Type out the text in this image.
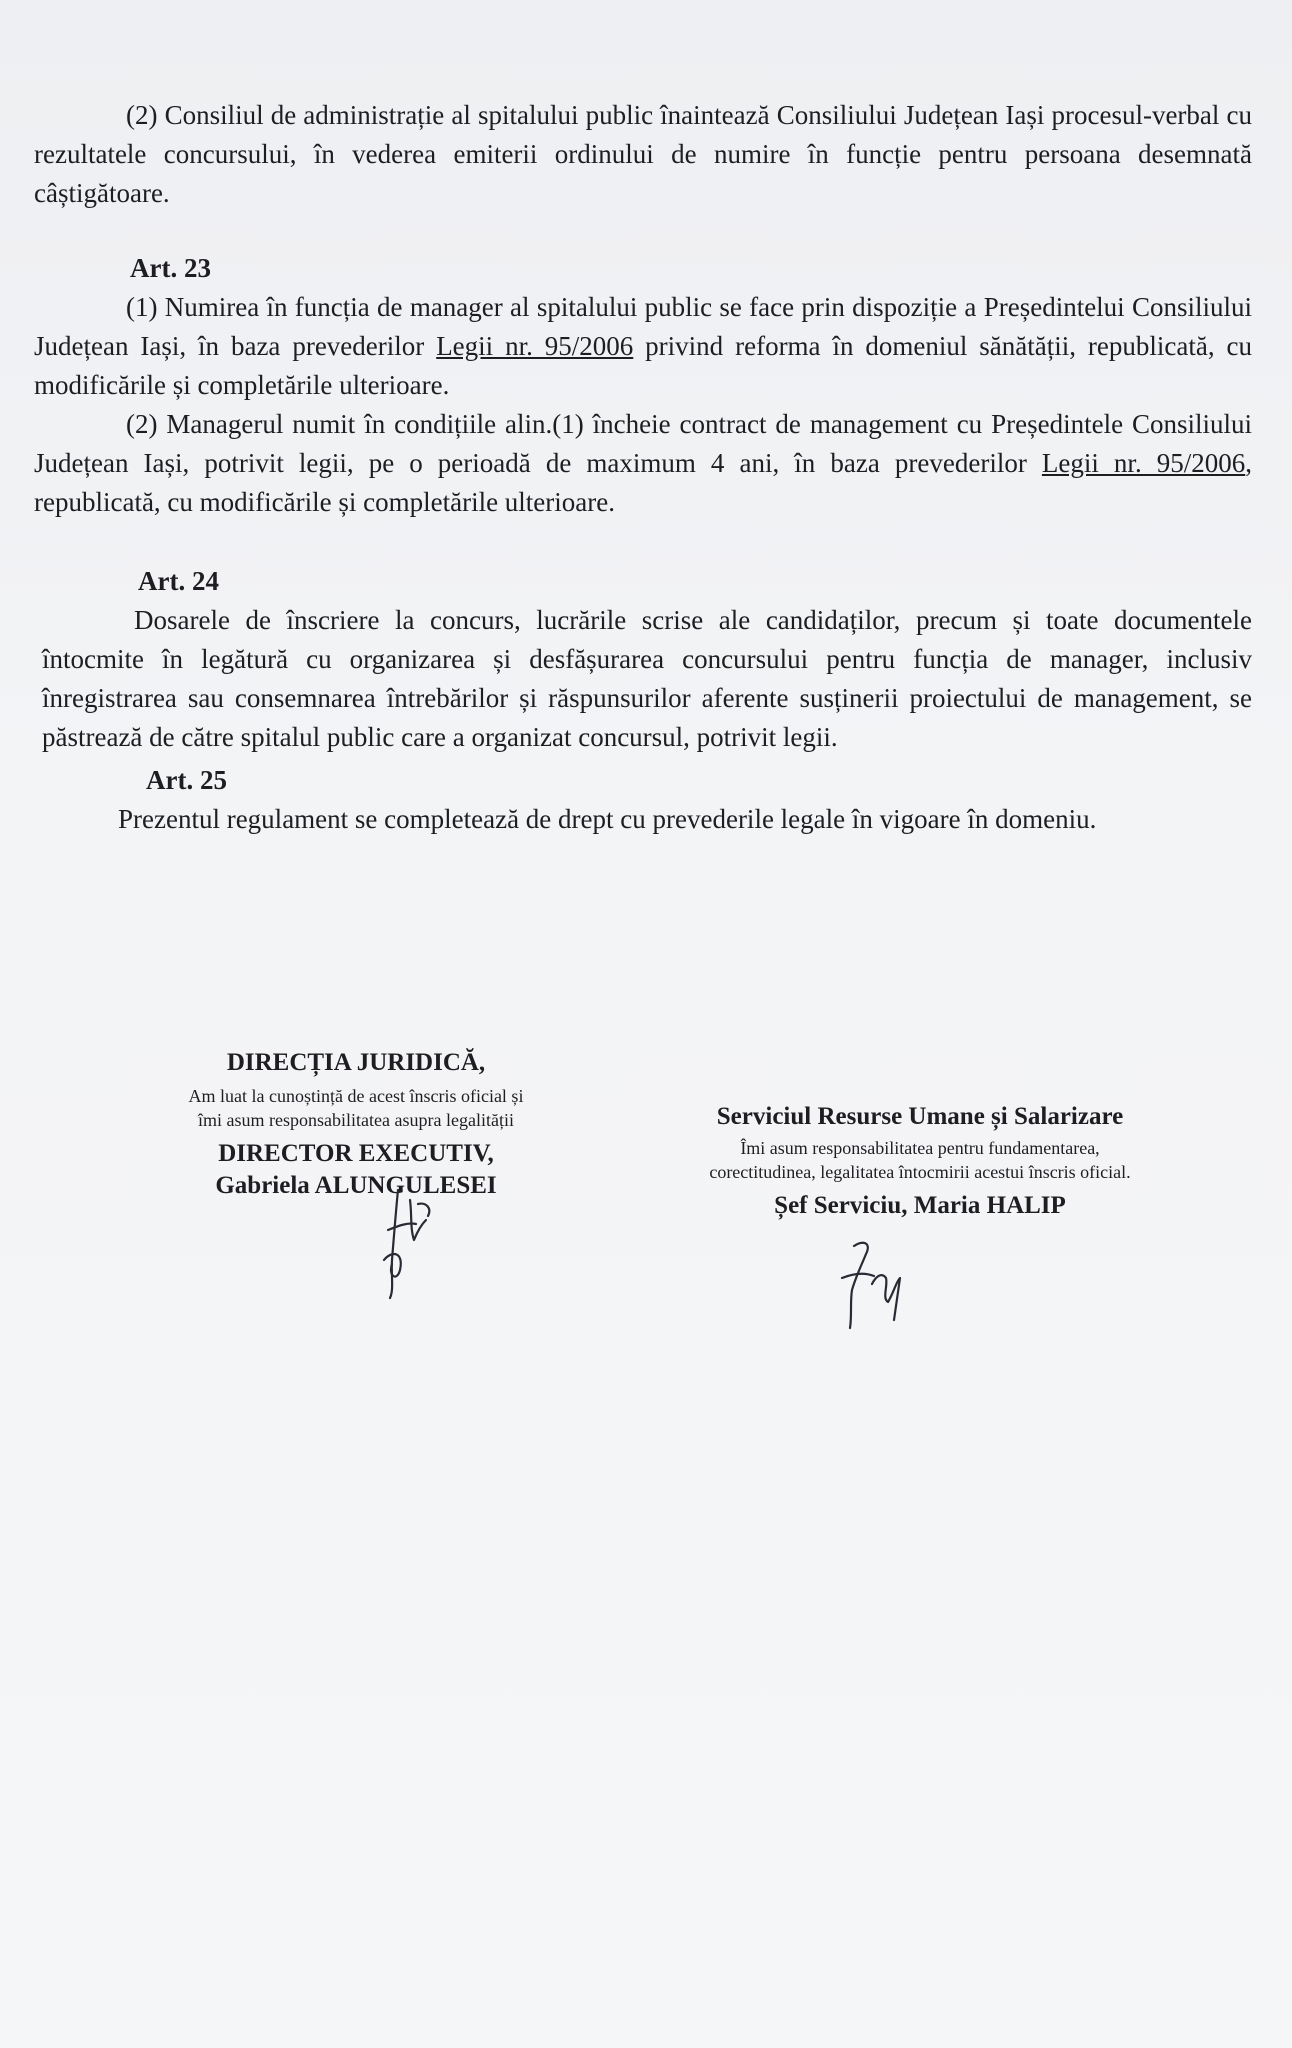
(2) Consiliul de administrație al spitalului public înaintează Consiliului Județean Iași procesul-verbal cu rezultatele concursului, în vederea emiterii ordinului de numire în funcție pentru persoana desemnată câștigătoare.

Art. 23

(1) Numirea în funcția de manager al spitalului public se face prin dispoziție a Președintelui Consiliului Județean Iași, în baza prevederilor Legii nr. 95/2006 privind reforma în domeniul sănătății, republicată, cu modificările și completările ulterioare.

(2) Managerul numit în condițiile alin.(1) încheie contract de management cu Președintele Consiliului Județean Iași, potrivit legii, pe o perioadă de maximum 4 ani, în baza prevederilor Legii nr. 95/2006, republicată, cu modificările și completările ulterioare.

Art. 24

Dosarele de înscriere la concurs, lucrările scrise ale candidaților, precum și toate documentele întocmite în legătură cu organizarea și desfășurarea concursului pentru funcția de manager, inclusiv înregistrarea sau consemnarea întrebărilor și răspunsurilor aferente susținerii proiectului de management, se păstrează de către spitalul public care a organizat concursul, potrivit legii.

Art. 25

Prezentul regulament se completează de drept cu prevederile legale în vigoare în domeniu.

DIRECȚIA JURIDICĂ,

Am luat la cunoștință de acest înscris oficial și

îmi asum responsabilitatea asupra legalității

DIRECTOR EXECUTIV,

Gabriela ALUNGULESEI

Serviciul Resurse Umane și Salarizare

Îmi asum responsabilitatea pentru fundamentarea,

corectitudinea, legalitatea întocmirii acestui înscris oficial.

Șef Serviciu, Maria HALIP
